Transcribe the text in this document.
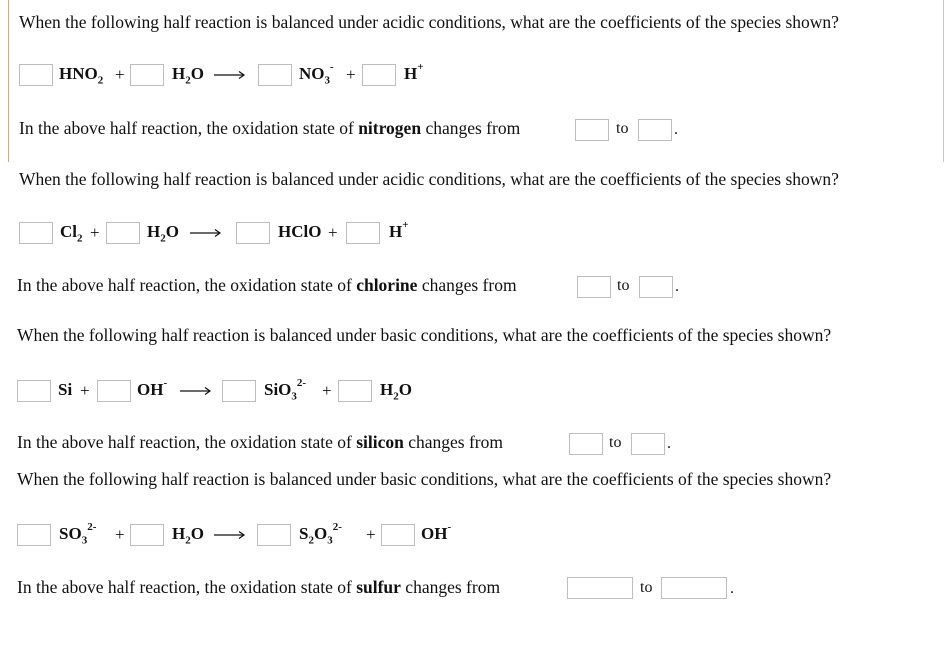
When the following half reaction is balanced under acidic conditions, what are the coefficients of the species shown?
$HNO_2$ +	$H_2O$ →	$NO_3^-$ +	H+
In the above half reaction, the oxidation state of nitrogen changes from	to	.
When the following half reaction is balanced under acidic conditions, what are the coefficients of the species shown?
$Cl_2$ +	$H_2O$ →	HClO +	H+
In the above half reaction, the oxidation state of chlorine changes from	to	.
When the following half reaction is balanced under basic conditions, what are the coefficients of the species shown?
Si +	OH-	SiO$_3^{2-}$ +	$H_2O$
In the above half reaction, the oxidation state of silicon changes from	to	.
When the following half reaction is balanced under basic conditions, what are the coefficients of the species shown?
$SO_3^{2-}$ +	$H_2O$ →	$S_2O_3^{2-}$ +	OH-
In the above half reaction, the oxidation state of sulfur changes from	to	.
